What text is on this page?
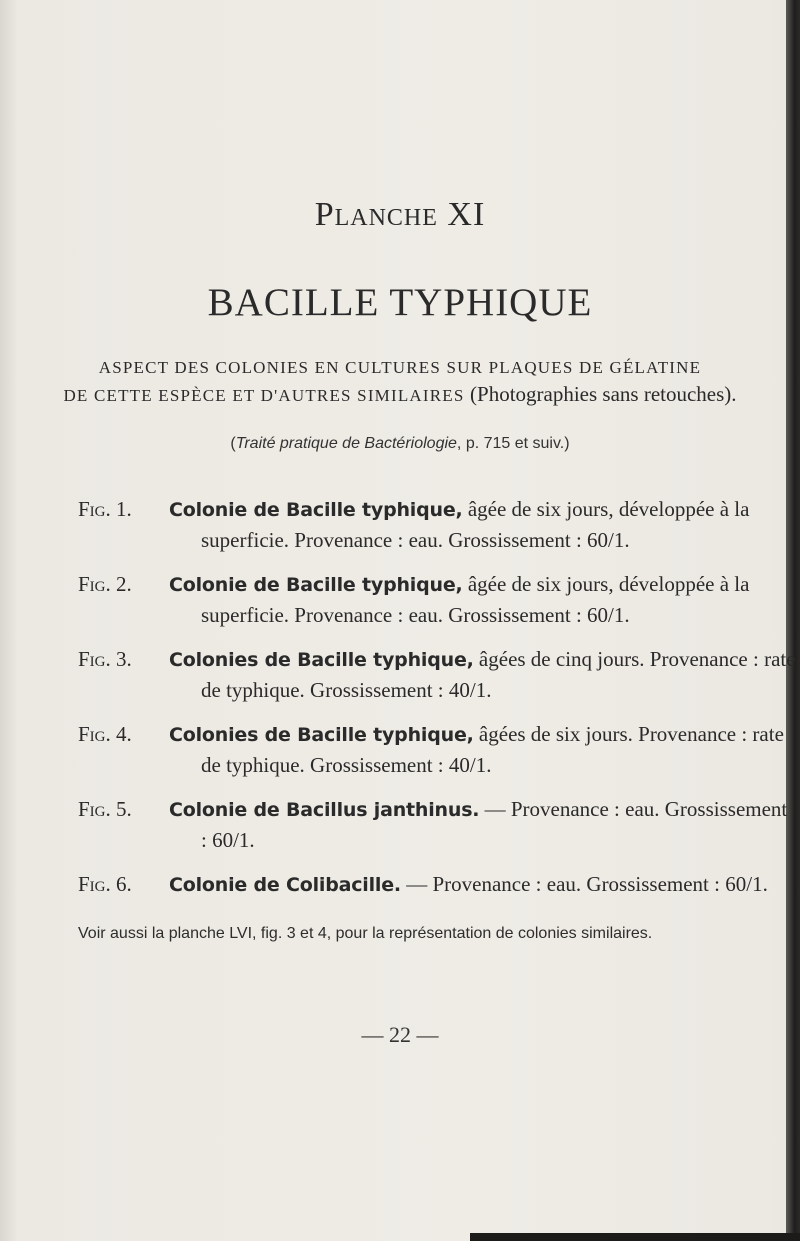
Planche XI
BACILLE TYPHIQUE
ASPECT DES COLONIES EN CULTURES SUR PLAQUES DE GÉLATINE
DE CETTE ESPÈCE ET D'AUTRES SIMILAIRES (Photographies sans retouches).
(Traité pratique de Bactériologie, p. 715 et suiv.)
Fig. 1.	Colonie de Bacille typhique, âgée de six jours, développée à la superficie. Provenance : eau. Grossissement : 60/1.
Fig. 2.	Colonie de Bacille typhique, âgée de six jours, développée à la superficie. Provenance : eau. Grossissement : 60/1.
Fig. 3.	Colonies de Bacille typhique, âgées de cinq jours. Provenance : rate de typhique. Grossissement : 40/1.
Fig. 4.	Colonies de Bacille typhique, âgées de six jours. Provenance : rate de typhique. Grossissement : 40/1.
Fig. 5.	Colonie de Bacillus janthinus. — Provenance : eau. Grossissement : 60/1.
Fig. 6.	Colonie de Colibacille. — Provenance : eau. Grossissement : 60/1.
Voir aussi la planche LVI, fig. 3 et 4, pour la représentation de colonies similaires.
— 22 —
